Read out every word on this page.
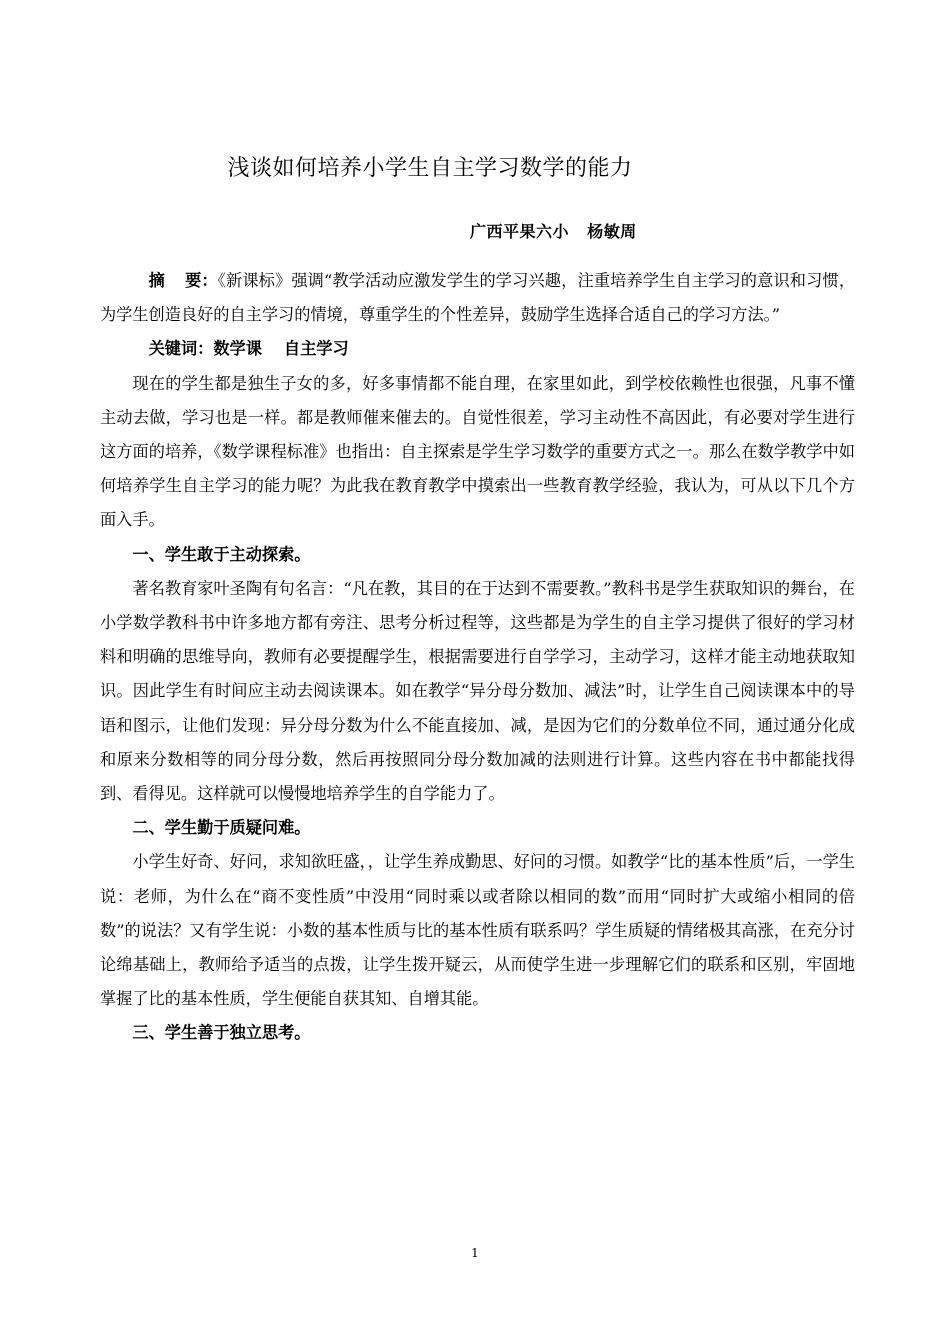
浅谈如何培养小学生自主学习数学的能力
广西平果六小   杨敏周

摘 要：《新课标》强调“教学活动应激发学生的学习兴趣，注重培养学生自主学习的意识和习惯，为学生创造良好的自主学习的情境，尊重学生的个性差异，鼓励学生选择合适自己的学习方法。”

关键词：数学课 自主学习

现在的学生都是独生子女的多，好多事情都不能自理，在家里如此，到学校依赖性也很强，凡事不懂主动去做，学习也是一样。都是教师催来催去的。自觉性很差，学习主动性不高因此，有必要对学生进行这方面的培养，《数学课程标准》也指出：自主探索是学生学习数学的重要方式之一。那么在数学教学中如何培养学生自主学习的能力呢？为此我在教育教学中摸索出一些教育教学经验，我认为，可从以下几个方面入手。

一、学生敢于主动探索。

著名教育家叶圣陶有句名言：“凡在教，其目的在于达到不需要教。”教科书是学生获取知识的舞台，在小学数学教科书中许多地方都有旁注、思考分析过程等，这些都是为学生的自主学习提供了很好的学习材料和明确的思维导向，教师有必要提醒学生，根据需要进行自学学习，主动学习，这样才能主动地获取知识。因此学生有时间应主动去阅读课本。如在教学“异分母分数加、减法”时，让学生自己阅读课本中的导语和图示，让他们发现：异分母分数为什么不能直接加、减，是因为它们的分数单位不同，通过通分化成和原来分数相等的同分母分数，然后再按照同分母分数加减的法则进行计算。这些内容在书中都能找得到、看得见。这样就可以慢慢地培养学生的自学能力了。

二、学生勤于质疑问难。

小学生好奇、好问，求知欲旺盛，，让学生养成勤思、好问的习惯。如教学“比的基本性质”后，一学生说：老师，为什么在“商不变性质”中没用“同时乘以或者除以相同的数”而用“同时扩大或缩小相同的倍数”的说法？又有学生说：小数的基本性质与比的基本性质有联系吗？学生质疑的情绪极其高涨，在充分讨论绵基础上，教师给予适当的点拨，让学生拨开疑云，从而使学生进一步理解它们的联系和区别，牢固地掌握了比的基本性质，学生便能自获其知、自增其能。

三、学生善于独立思考。

1
